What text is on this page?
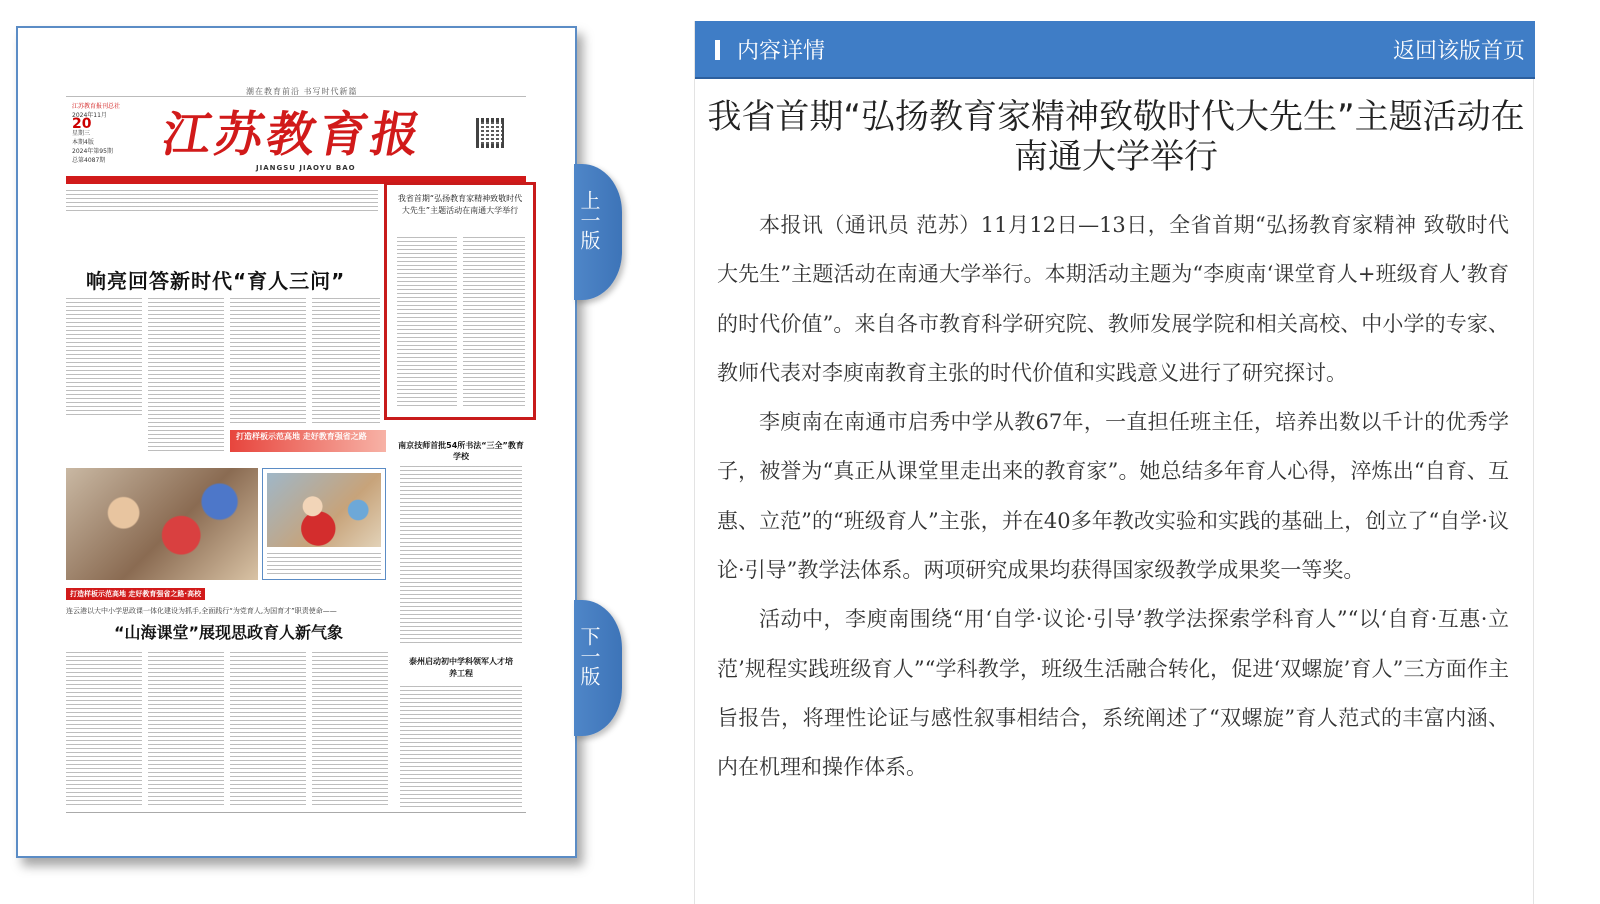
潮在教育前沿 书写时代新篇
江苏教育报刊总社
2024年11月
20
星期三
本期4版
2024年第95期
总第4087期	江苏教育报
JIANGSU JIAOYU BAO
响亮回答新时代“育人三问”
我省首期“弘扬教育家精神致敬时代大先生”主题活动在南通大学举行
打造样板示范高地 走好教育强省之路
南京技师首批54所书法“三全”教育学校
打造样板示范高地 走好教育强省之路·高校
连云港以大中小学思政课一体化建设为抓手,全面践行“为党育人,为国育才”职责使命——
“山海课堂”展现思政育人新气象
泰州启动初中学科领军人才培养工程
上一版
下一版
内容详情	返回该版首页
我省首期“弘扬教育家精神致敬时代大先生”主题活动在南通大学举行

本报讯（通讯员 范苏）11月12日—13日，全省首期“弘扬教育家精神 致敬时代大先生”主题活动在南通大学举行。本期活动主题为“李庾南‘课堂育人+班级育人’教育的时代价值”。来自各市教育科学研究院、教师发展学院和相关高校、中小学的专家、教师代表对李庾南教育主张的时代价值和实践意义进行了研究探讨。

李庾南在南通市启秀中学从教67年，一直担任班主任，培养出数以千计的优秀学子，被誉为“真正从课堂里走出来的教育家”。她总结多年育人心得，淬炼出“自育、互惠、立范”的“班级育人”主张，并在40多年教改实验和实践的基础上，创立了“自学·议论·引导”教学法体系。两项研究成果均获得国家级教学成果奖一等奖。

活动中，李庾南围绕“用‘自学·议论·引导’教学法探索学科育人”“以‘自育·互惠·立范’规程实践班级育人”“学科教学，班级生活融合转化，促进‘双螺旋’育人”三方面作主旨报告，将理性论证与感性叙事相结合，系统阐述了“双螺旋”育人范式的丰富内涵、内在机理和操作体系。
